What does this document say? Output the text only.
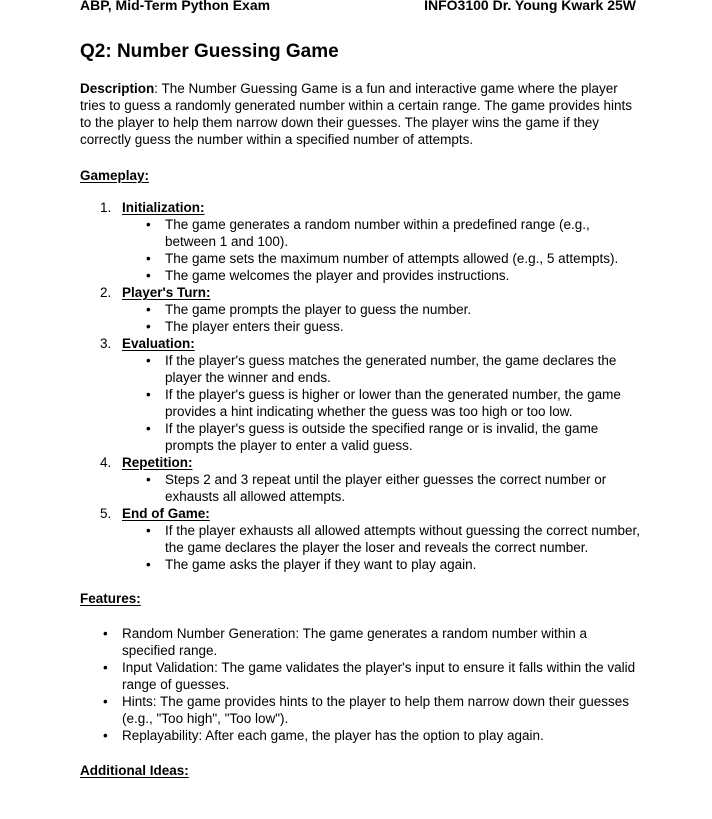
ABP, Mid-Term Python Exam	INFO3100 Dr. Young Kwark 25W
Q2: Number Guessing Game

Description: The Number Guessing Game is a fun and interactive game where the player tries to guess a randomly generated number within a certain range. The game provides hints to the player to help them narrow down their guesses. The player wins the game if they correctly guess the number within a specified number of attempts.

Gameplay:
1. Initialization:
• The game generates a random number within a predefined range (e.g., between 1 and 100).
• The game sets the maximum number of attempts allowed (e.g., 5 attempts).
• The game welcomes the player and provides instructions.
2. Player's Turn:
• The game prompts the player to guess the number.
• The player enters their guess.
3. Evaluation:
• If the player's guess matches the generated number, the game declares the player the winner and ends.
• If the player's guess is higher or lower than the generated number, the game provides a hint indicating whether the guess was too high or too low.
• If the player's guess is outside the specified range or is invalid, the game prompts the player to enter a valid guess.
4. Repetition:
• Steps 2 and 3 repeat until the player either guesses the correct number or exhausts all allowed attempts.
5. End of Game:
• If the player exhausts all allowed attempts without guessing the correct number, the game declares the player the loser and reveals the correct number.
• The game asks the player if they want to play again.
Features:
• Random Number Generation: The game generates a random number within a specified range.
• Input Validation: The game validates the player's input to ensure it falls within the valid range of guesses.
• Hints: The game provides hints to the player to help them narrow down their guesses (e.g., "Too high", "Too low").
• Replayability: After each game, the player has the option to play again.
Additional Ideas:
